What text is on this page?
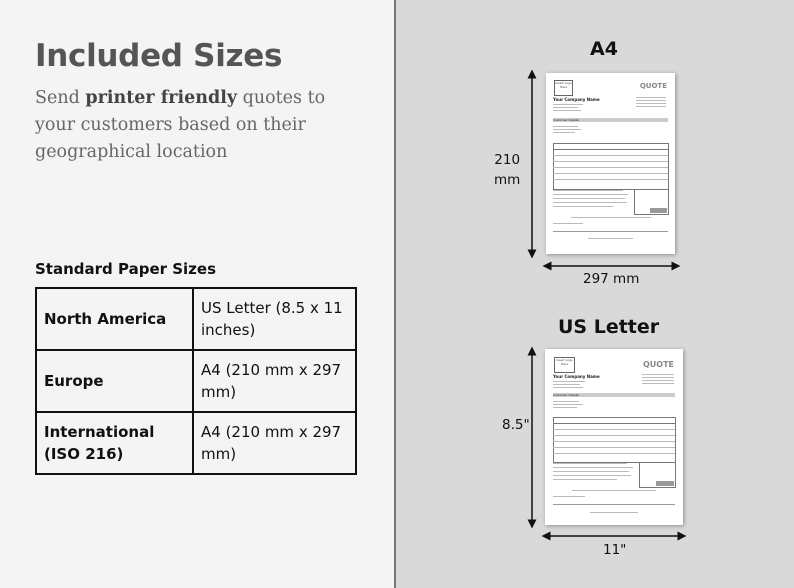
Included Sizes
Send printer friendly quotes to your customers based on their geographical location
Standard Paper Sizes
North America	US Letter (8.5 x 11 inches)
Europe	A4 (210 mm x 297 mm)
International (ISO 216)	A4 (210 mm x 297 mm)
A4
Insert Logo Here	QUOTE
Your Company Name
Customer Details
210
mm
297 mm
US Letter
Insert Logo Here	QUOTE
Your Company Name
Customer Details
8.5"
11"
